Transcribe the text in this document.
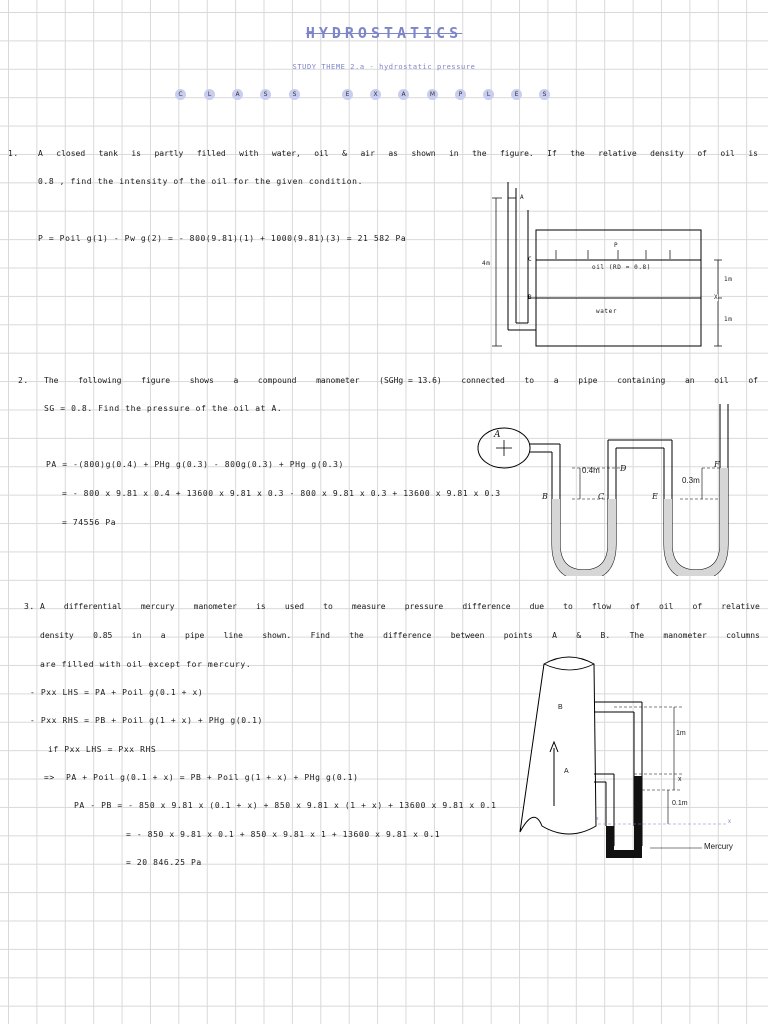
HYDROSTATICS
STUDY THEME 2.a - hydrostatic pressure
C	L	A	S	S	E	X	A	M	P	L	E	S
1. A closed tank is partly filled with water, oil & air as shown in the figure. If the relative density of oil is
0.8 , find the intensity of the oil for the given condition.
P = Poil g(1) - Pw g(2) = - 800(9.81)(1) + 1000(9.81)(3) = 21 582 Pa
A
C
B
P
4m
1m
X
1m
oil (RD = 0.8)
water
2. The following figure shows a compound manometer (SGHg = 13.6) connected to a pipe containing an oil of
SG = 0.8. Find the pressure of the oil at A.
PA = -(800)g(0.4) + PHg g(0.3) - 800g(0.3) + PHg g(0.3)
= - 800 x 9.81 x 0.4 + 13600 x 9.81 x 0.3 - 800 x 9.81 x 0.3 + 13600 x 9.81 x 0.3
= 74556 Pa
A
B	C
D
E
F
0.4m
0.3m
3. A differential mercury manometer is used to measure pressure difference due to flow of oil of relative
density 0.85 in a pipe line shown. Find the difference between points A & B. The manometer columns
are filled with oil except for mercury.
- Pxx LHS = PA + Poil g(0.1 + x)
- Pxx RHS = PB + Poil g(1 + x) + PHg g(0.1)
if Pxx LHS = Pxx RHS
=> PA + Poil g(0.1 + x) = PB + Poil g(1 + x) + PHg g(0.1)
PA - PB = - 850 x 9.81 x (0.1 + x) + 850 x 9.81 x (1 + x) + 13600 x 9.81 x 0.1
= - 850 x 9.81 x 0.1 + 850 x 9.81 x 1 + 13600 x 9.81 x 0.1
= 20 846.25 Pa
B
A
1m
x
0.1m
Mercury
x	x
